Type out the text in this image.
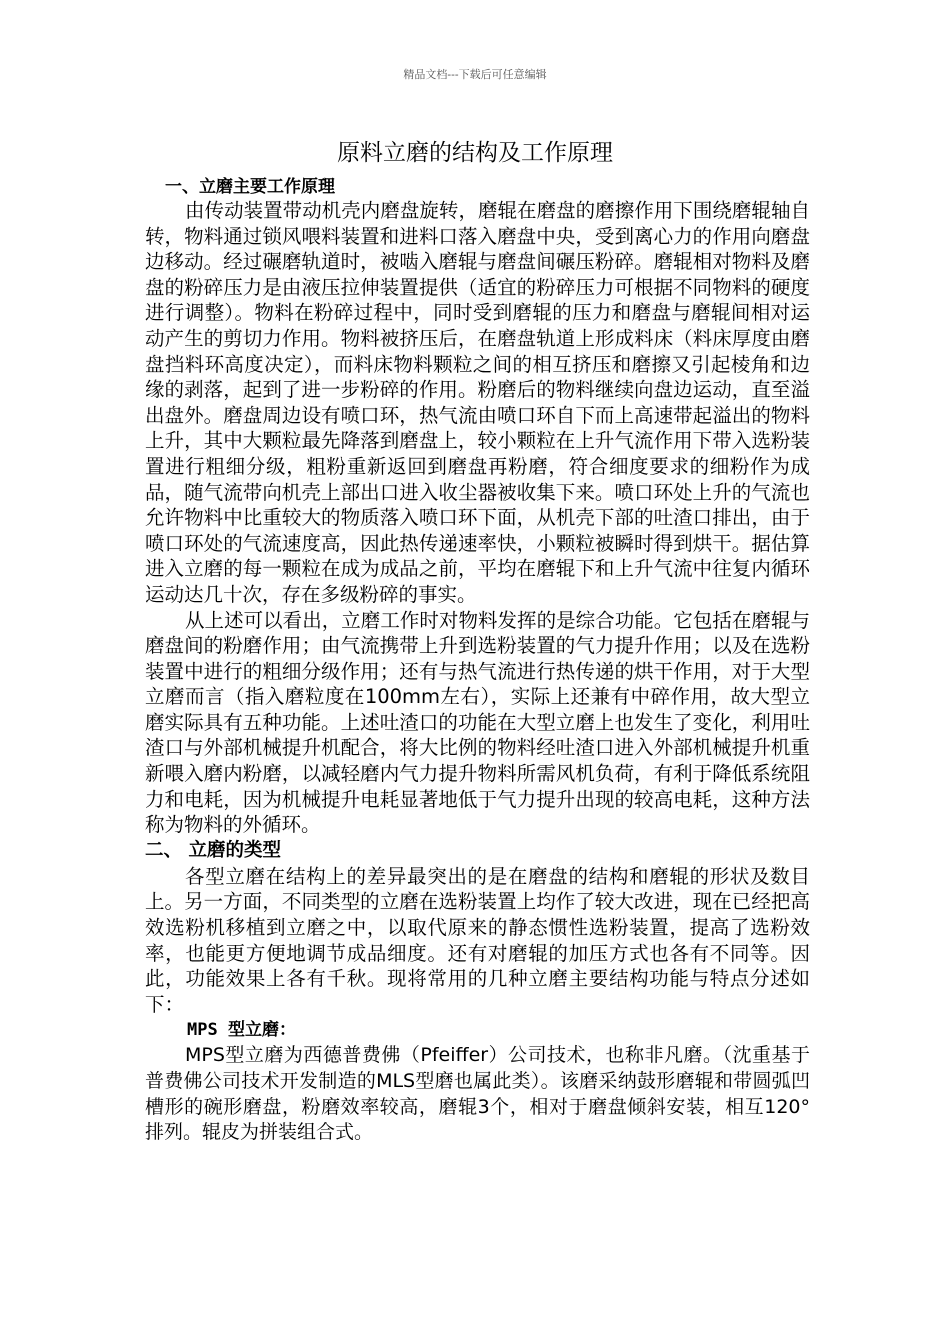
精品文档---下载后可任意编辑
原料立磨的结构及工作原理

一、立磨主要工作原理

由传动装置带动机壳内磨盘旋转，磨辊在磨盘的磨擦作用下围绕磨辊轴自转，物料通过锁风喂料装置和进料口落入磨盘中央，受到离心力的作用向磨盘边移动。经过碾磨轨道时，被啮入磨辊与磨盘间碾压粉碎。磨辊相对物料及磨盘的粉碎压力是由液压拉伸装置提供（适宜的粉碎压力可根据不同物料的硬度进行调整）。物料在粉碎过程中，同时受到磨辊的压力和磨盘与磨辊间相对运动产生的剪切力作用。物料被挤压后，在磨盘轨道上形成料床（料床厚度由磨盘挡料环高度决定），而料床物料颗粒之间的相互挤压和磨擦又引起棱角和边缘的剥落，起到了进一步粉碎的作用。粉磨后的物料继续向盘边运动，直至溢出盘外。磨盘周边设有喷口环，热气流由喷口环自下而上高速带起溢出的物料上升，其中大颗粒最先降落到磨盘上，较小颗粒在上升气流作用下带入选粉装置进行粗细分级，粗粉重新返回到磨盘再粉磨，符合细度要求的细粉作为成品，随气流带向机壳上部出口进入收尘器被收集下来。喷口环处上升的气流也允许物料中比重较大的物质落入喷口环下面，从机壳下部的吐渣口排出，由于喷口环处的气流速度高，因此热传递速率快，小颗粒被瞬时得到烘干。据估算进入立磨的每一颗粒在成为成品之前，平均在磨辊下和上升气流中往复内循环运动达几十次，存在多级粉碎的事实。

从上述可以看出，立磨工作时对物料发挥的是综合功能。它包括在磨辊与磨盘间的粉磨作用；由气流携带上升到选粉装置的气力提升作用；以及在选粉装置中进行的粗细分级作用；还有与热气流进行热传递的烘干作用，对于大型立磨而言（指入磨粒度在100mm左右），实际上还兼有中碎作用，故大型立磨实际具有五种功能。上述吐渣口的功能在大型立磨上也发生了变化，利用吐渣口与外部机械提升机配合，将大比例的物料经吐渣口进入外部机械提升机重新喂入磨内粉磨，以减轻磨内气力提升物料所需风机负荷，有利于降低系统阻力和电耗，因为机械提升电耗显著地低于气力提升出现的较高电耗，这种方法称为物料的外循环。

二、 立磨的类型

各型立磨在结构上的差异最突出的是在磨盘的结构和磨辊的形状及数目上。另一方面，不同类型的立磨在选粉装置上均作了较大改进，现在已经把高效选粉机移植到立磨之中，以取代原来的静态惯性选粉装置，提高了选粉效率，也能更方便地调节成品细度。还有对磨辊的加压方式也各有不同等。因此，功能效果上各有千秋。现将常用的几种立磨主要结构功能与特点分述如下：

MPS 型立磨：

MPS型立磨为西德普费佛（Pfeiffer）公司技术，也称非凡磨。（沈重基于普费佛公司技术开发制造的MLS型磨也属此类）。该磨采纳鼓形磨辊和带圆弧凹槽形的碗形磨盘，粉磨效率较高，磨辊3个，相对于磨盘倾斜安装，相互120° 排列。辊皮为拼装组合式。
